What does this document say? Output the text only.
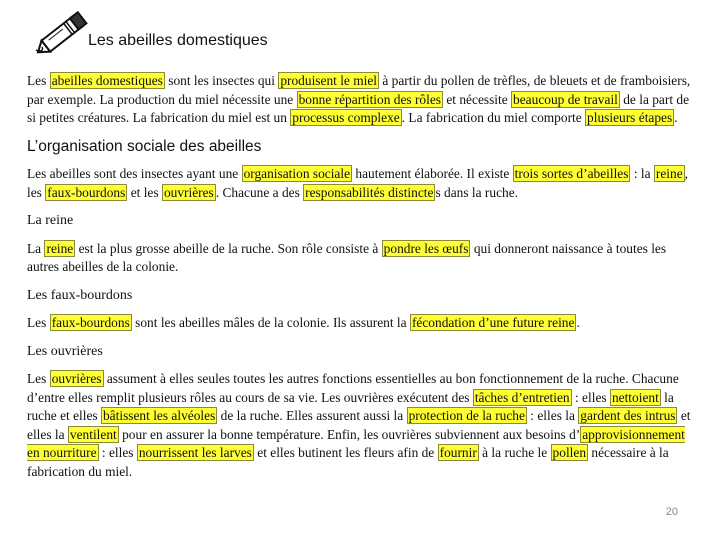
Les abeilles domestiques

Les abeilles domestiques sont les insectes qui produisent le miel à partir du pollen de trèfles, de bleuets et de framboisiers, par exemple. La production du miel nécessite une bonne répartition des rôles et nécessite beaucoup de travail de la part de si petites créatures. La fabrication du miel est un processus complexe . La fabrication du miel comporte plusieurs étapes .

L’organisation sociale des abeilles

Les abeilles sont des insectes ayant une organisation sociale hautement élaborée. Il existe trois sortes d’abeilles : la reine , les faux-bourdons et les ouvrières . Chacune a des responsabilités distincte s dans la ruche.

La reine

La reine est la plus grosse abeille de la ruche. Son rôle consiste à pondre les œufs qui donneront naissance à toutes les autres abeilles de la colonie.

Les faux-bourdons

Les faux-bourdons sont les abeilles mâles de la colonie. Ils assurent la fécondation d’une future reine .

Les ouvrières

Les ouvrières assument à elles seules toutes les autres fonctions essentielles au bon fonctionnement de la ruche. Chacune d’entre elles remplit plusieurs rôles au cours de sa vie. Les ouvrières exécutent des tâches d’entretien : elles nettoient la ruche et elles bâtissent les alvéoles de la ruche. Elles assurent aussi la protection de la ruche : elles la gardent des intrus et elles la ventilent pour en assurer la bonne température. Enfin, les ouvrières subviennent aux besoins d’ approvisionnement en nourriture : elles nourrissent les larves et elles butinent les fleurs afin de fournir à la ruche le pollen nécessaire à la fabrication du miel.

20
